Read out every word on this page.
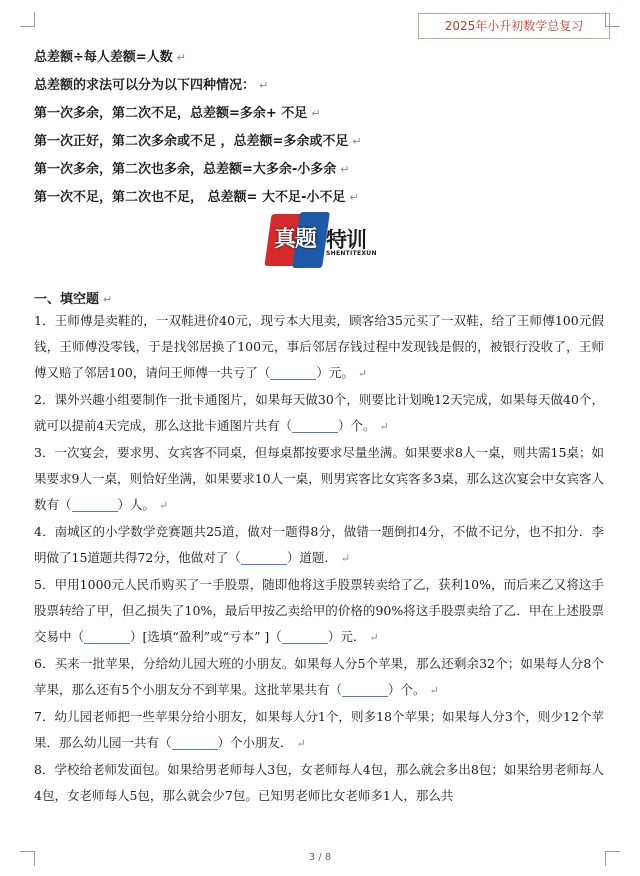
2025年小升初数学总复习
总差额÷每人差额=人数 ↵
总差额的求法可以分为以下四种情况： ↵
第一次多余，第二次不足，总差额=多余+ 不足 ↵
第一次正好，第二次多余或不足 ，总差额=多余或不足 ↵
第一次多余，第二次也多余，总差额=大多余-小多余 ↵
第一次不足，第二次也不足， 总差额= 大不足-小不足 ↵
真题 特训
SHENTITEXUN
一、填空题 ↵

1．王师傅是卖鞋的，一双鞋进价40元，现亏本大甩卖，顾客给35元买了一双鞋，给了王师傅100元假钱，王师傅没零钱，于是找邻居换了100元，事后邻居存钱过程中发现钱是假的，被银行没收了，王师傅又赔了邻居100，请问王师傅一共亏了（	）元。 ↵

2．课外兴趣小组要制作一批卡通图片，如果每天做30个，则要比计划晚12天完成，如果每天做40个，就可以提前4天完成，那么这批卡通图片共有（	）个。 ↵

3．一次宴会，要求男、女宾客不同桌，但每桌都按要求尽量坐满。如果要求8人一桌，则共需15桌；如果要求9人一桌，则恰好坐满，如果要求10人一桌，则男宾客比女宾客多3桌，那么这次宴会中女宾客人数有（	）人。 ↵

4．南城区的小学数学竞赛题共25道，做对一题得8分，做错一题倒扣4分，不做不记分，也不扣分．李明做了15道题共得72分，他做对了（	）道题． ↵

5．甲用1000元人民币购买了一手股票，随即他将这手股票转卖给了乙，获利10%，而后来乙又将这手股票转给了甲，但乙损失了10%，最后甲按乙卖给甲的价格的90%将这手股票卖给了乙．甲在上述股票交易中（	）[选填“盈利”或“亏本” ]（	）元． ↵

6．买来一批苹果，分给幼儿园大班的小朋友。如果每人分5个苹果，那么还剩余32个；如果每人分8个苹果，那么还有5个小朋友分不到苹果。这批苹果共有（	）个。 ↵

7．幼儿园老师把一些苹果分给小朋友，如果每人分1个，则多18个苹果；如果每人分3个，则少12个苹果．那么幼儿园一共有（	）个小朋友． ↵

8．学校给老师发面包。如果给男老师每人3包，女老师每人4包，那么就会多出8包；如果给男老师每人4包，女老师每人5包，那么就会少7包。已知男老师比女老师多1人，那么共

3 / 8
